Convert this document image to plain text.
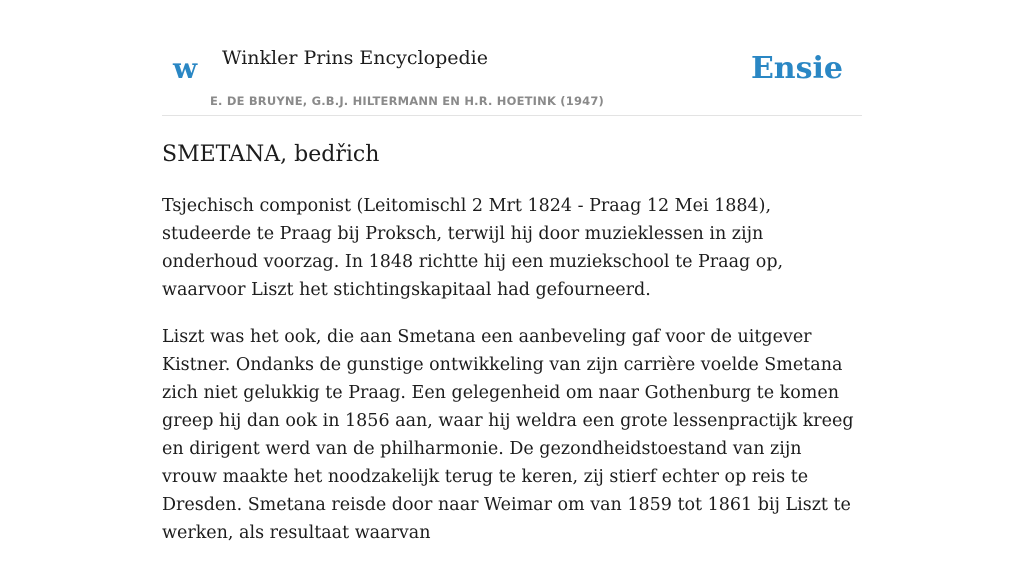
w Winkler Prins Encyclopedie
E. DE BRUYNE, G.B.J. HILTERMANN EN H.R. HOETINK (1947)
Ensie
SMETANA, bedřich

Tsjechisch componist (Leitomischl 2 Mrt 1824 - Praag 12 Mei 1884), studeerde te Praag bij Proksch, terwijl hij door muzieklessen in zijn onderhoud voorzag. In 1848 richtte hij een muziekschool te Praag op, waarvoor Liszt het stichtingskapitaal had gefourneerd.

Liszt was het ook, die aan Smetana een aanbeveling gaf voor de uitgever Kistner. Ondanks de gunstige ontwikkeling van zijn carrière voelde Smetana zich niet gelukkig te Praag. Een gelegenheid om naar Gothenburg te komen greep hij dan ook in 1856 aan, waar hij weldra een grote lessenpractijk kreeg en dirigent werd van de philharmonie. De gezondheidstoestand van zijn vrouw maakte het noodzakelijk terug te keren, zij stierf echter op reis te Dresden. Smetana reisde door naar Weimar om van 1859 tot 1861 bij Liszt te werken, als resultaat waarvan
